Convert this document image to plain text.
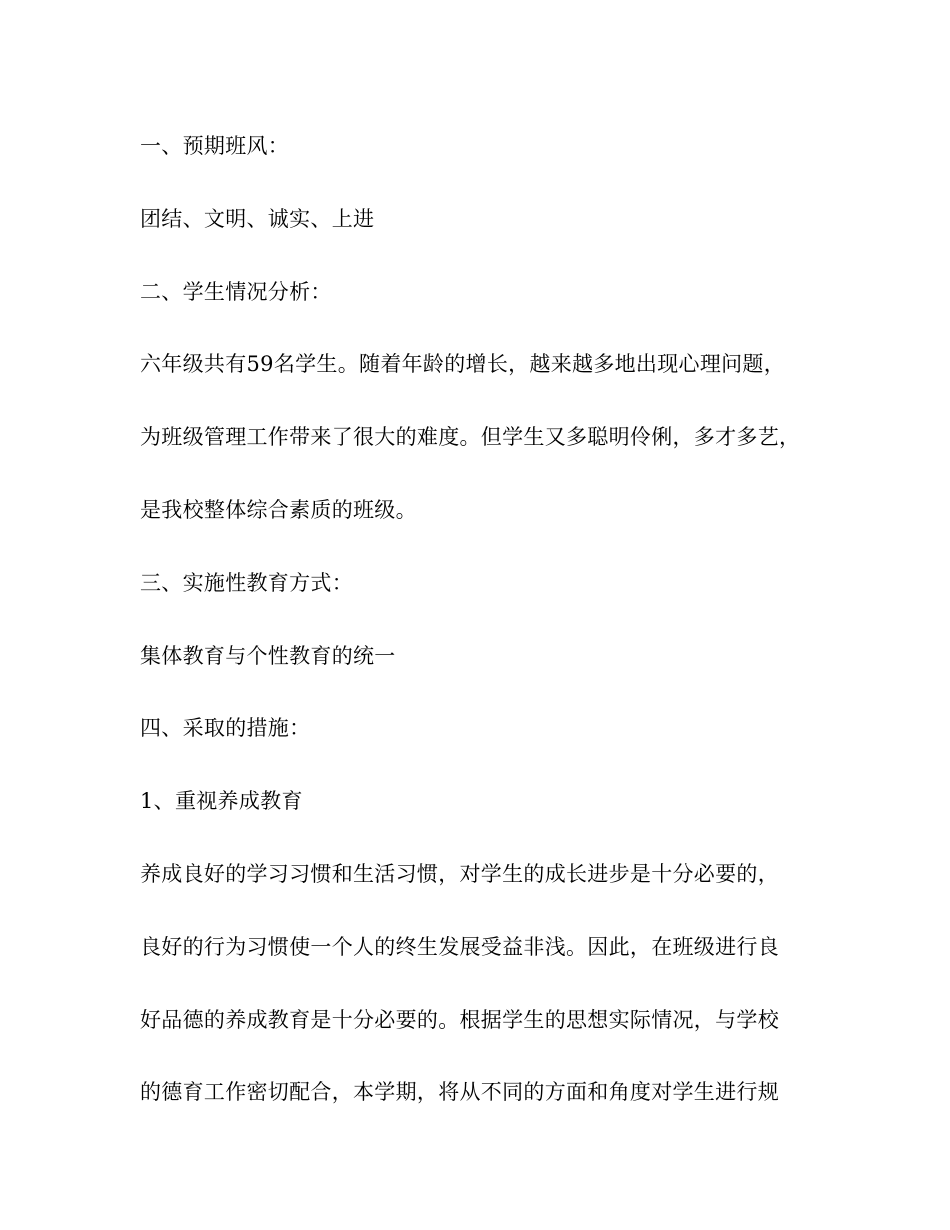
一、预期班风：

团结、文明、诚实、上进

二、学生情况分析：

六年级共有59名学生。随着年龄的增长，越来越多地出现心理问题，

为班级管理工作带来了很大的难度。但学生又多聪明伶俐，多才多艺，

是我校整体综合素质的班级。

三、实施性教育方式：

集体教育与个性教育的统一

四、采取的措施：

1、重视养成教育

养成良好的学习习惯和生活习惯，对学生的成长进步是十分必要的，

良好的行为习惯使一个人的终生发展受益非浅。因此，在班级进行良

好品德的养成教育是十分必要的。根据学生的思想实际情况，与学校

的德育工作密切配合，本学期，将从不同的方面和角度对学生进行规
